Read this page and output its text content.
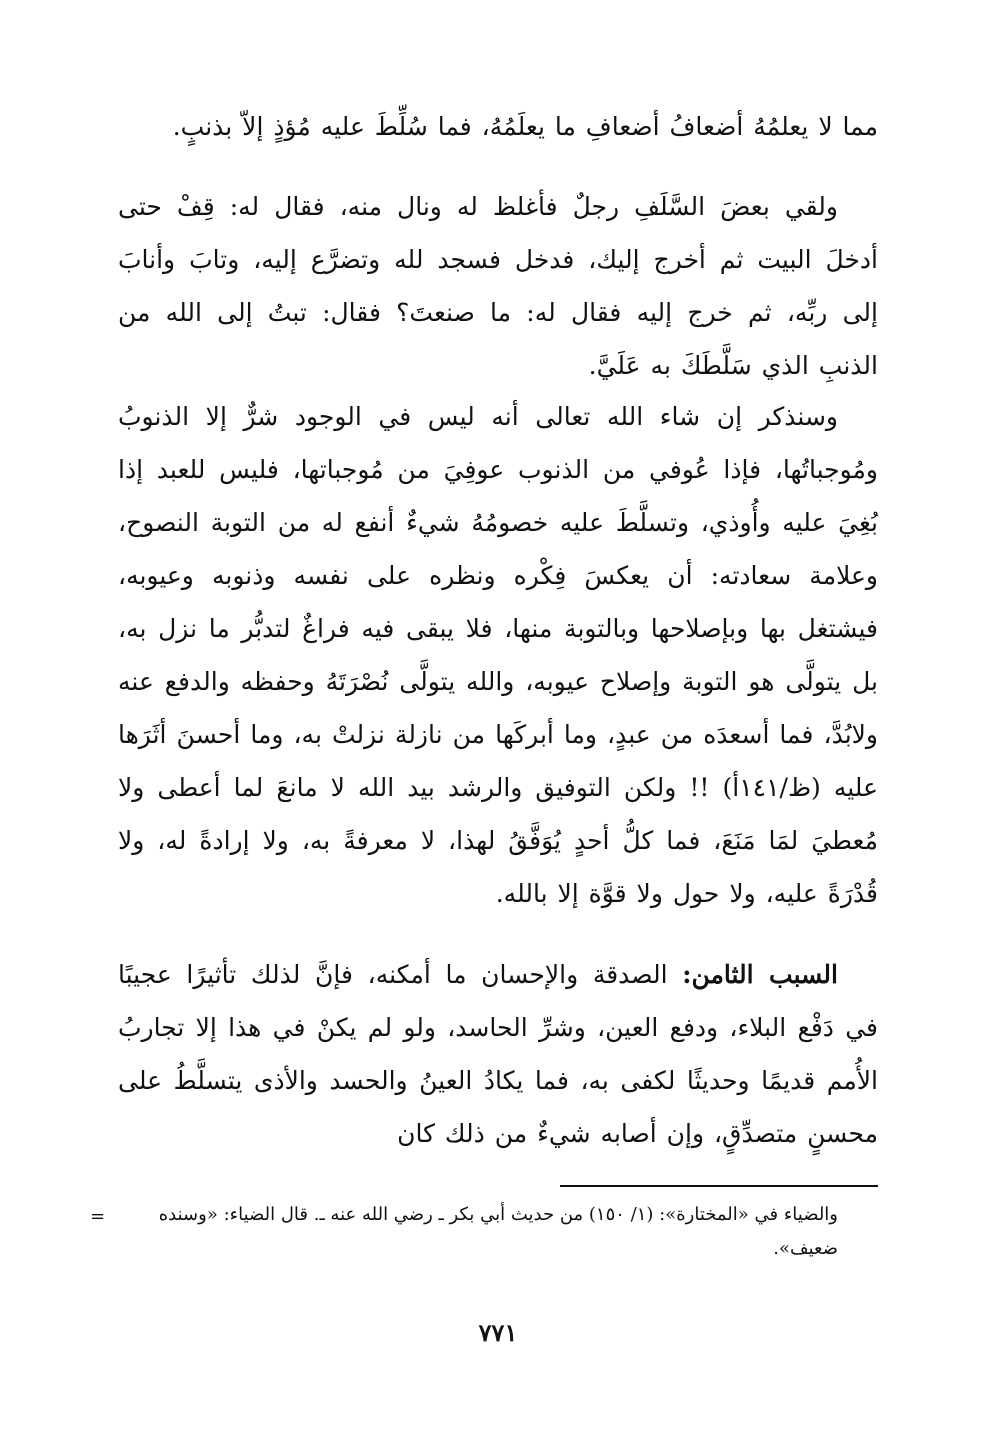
مما لا يعلمُهُ أضعافُ أضعافِ ما يعلَمُهُ، فما سُلِّطَ عليه مُؤذٍ إلاّ بذنبٍ.

ولقي بعضَ السَّلَفِ رجلٌ فأغلظ له ونال منه، فقال له: قِفْ حتى أدخلَ البيت ثم أخرج إليك، فدخل فسجد لله وتضرَّع إليه، وتابَ وأنابَ إلى ربِّه، ثم خرج إليه فقال له: ما صنعتَ؟ فقال: تبتُ إلى الله من الذنبِ الذي سَلَّطَكَ به عَلَيَّ.

وسنذكر إن شاء الله تعالى أنه ليس في الوجود شرٌّ إلا الذنوبُ ومُوجباتُها، فإذا عُوفي من الذنوب عوفِيَ من مُوجباتها، فليس للعبد إذا بُغِيَ عليه وأُوذي، وتسلَّطَ عليه خصومُهُ شيءٌ أنفع له من التوبة النصوح، وعلامة سعادته: أن يعكسَ فِكْره ونظره على نفسه وذنوبه وعيوبه، فيشتغل بها وبإصلاحها وبالتوبة منها، فلا يبقى فيه فراغٌ لتدبُّر ما نزل به، بل يتولَّى هو التوبة وإصلاح عيوبه، والله يتولَّى نُصْرَتَهُ وحفظه والدفع عنه ولابُدَّ، فما أسعدَه من عبدٍ، وما أبركَها من نازلة نزلتْ به، وما أحسنَ أثَرَها عليه (ظ/١٤١أ) !! ولكن التوفيق والرشد بيد الله لا مانعَ لما أعطى ولا مُعطيَ لمَا مَنَعَ، فما كلُّ أحدٍ يُوَفَّقُ لهذا، لا معرفةً به، ولا إرادةً له، ولا قُدْرَةً عليه، ولا حول ولا قوَّة إلا بالله.

السبب الثامن: الصدقة والإحسان ما أمكنه، فإنَّ لذلك تأثيرًا عجيبًا في دَفْع البلاء، ودفع العين، وشرِّ الحاسد، ولو لم يكنْ في هذا إلا تجاربُ الأُمم قديمًا وحديثًا لكفى به، فما يكادُ العينُ والحسد والأذى يتسلَّطُ على محسنٍ متصدِّقٍ، وإن أصابه شيءٌ من ذلك كان

=	والضياء في «المختارة»: (١/ ١٥٠) من حديث أبي بكر ـ رضي الله عنه ـ. قال الضياء: «وسنده ضعيف».
٧٧١
